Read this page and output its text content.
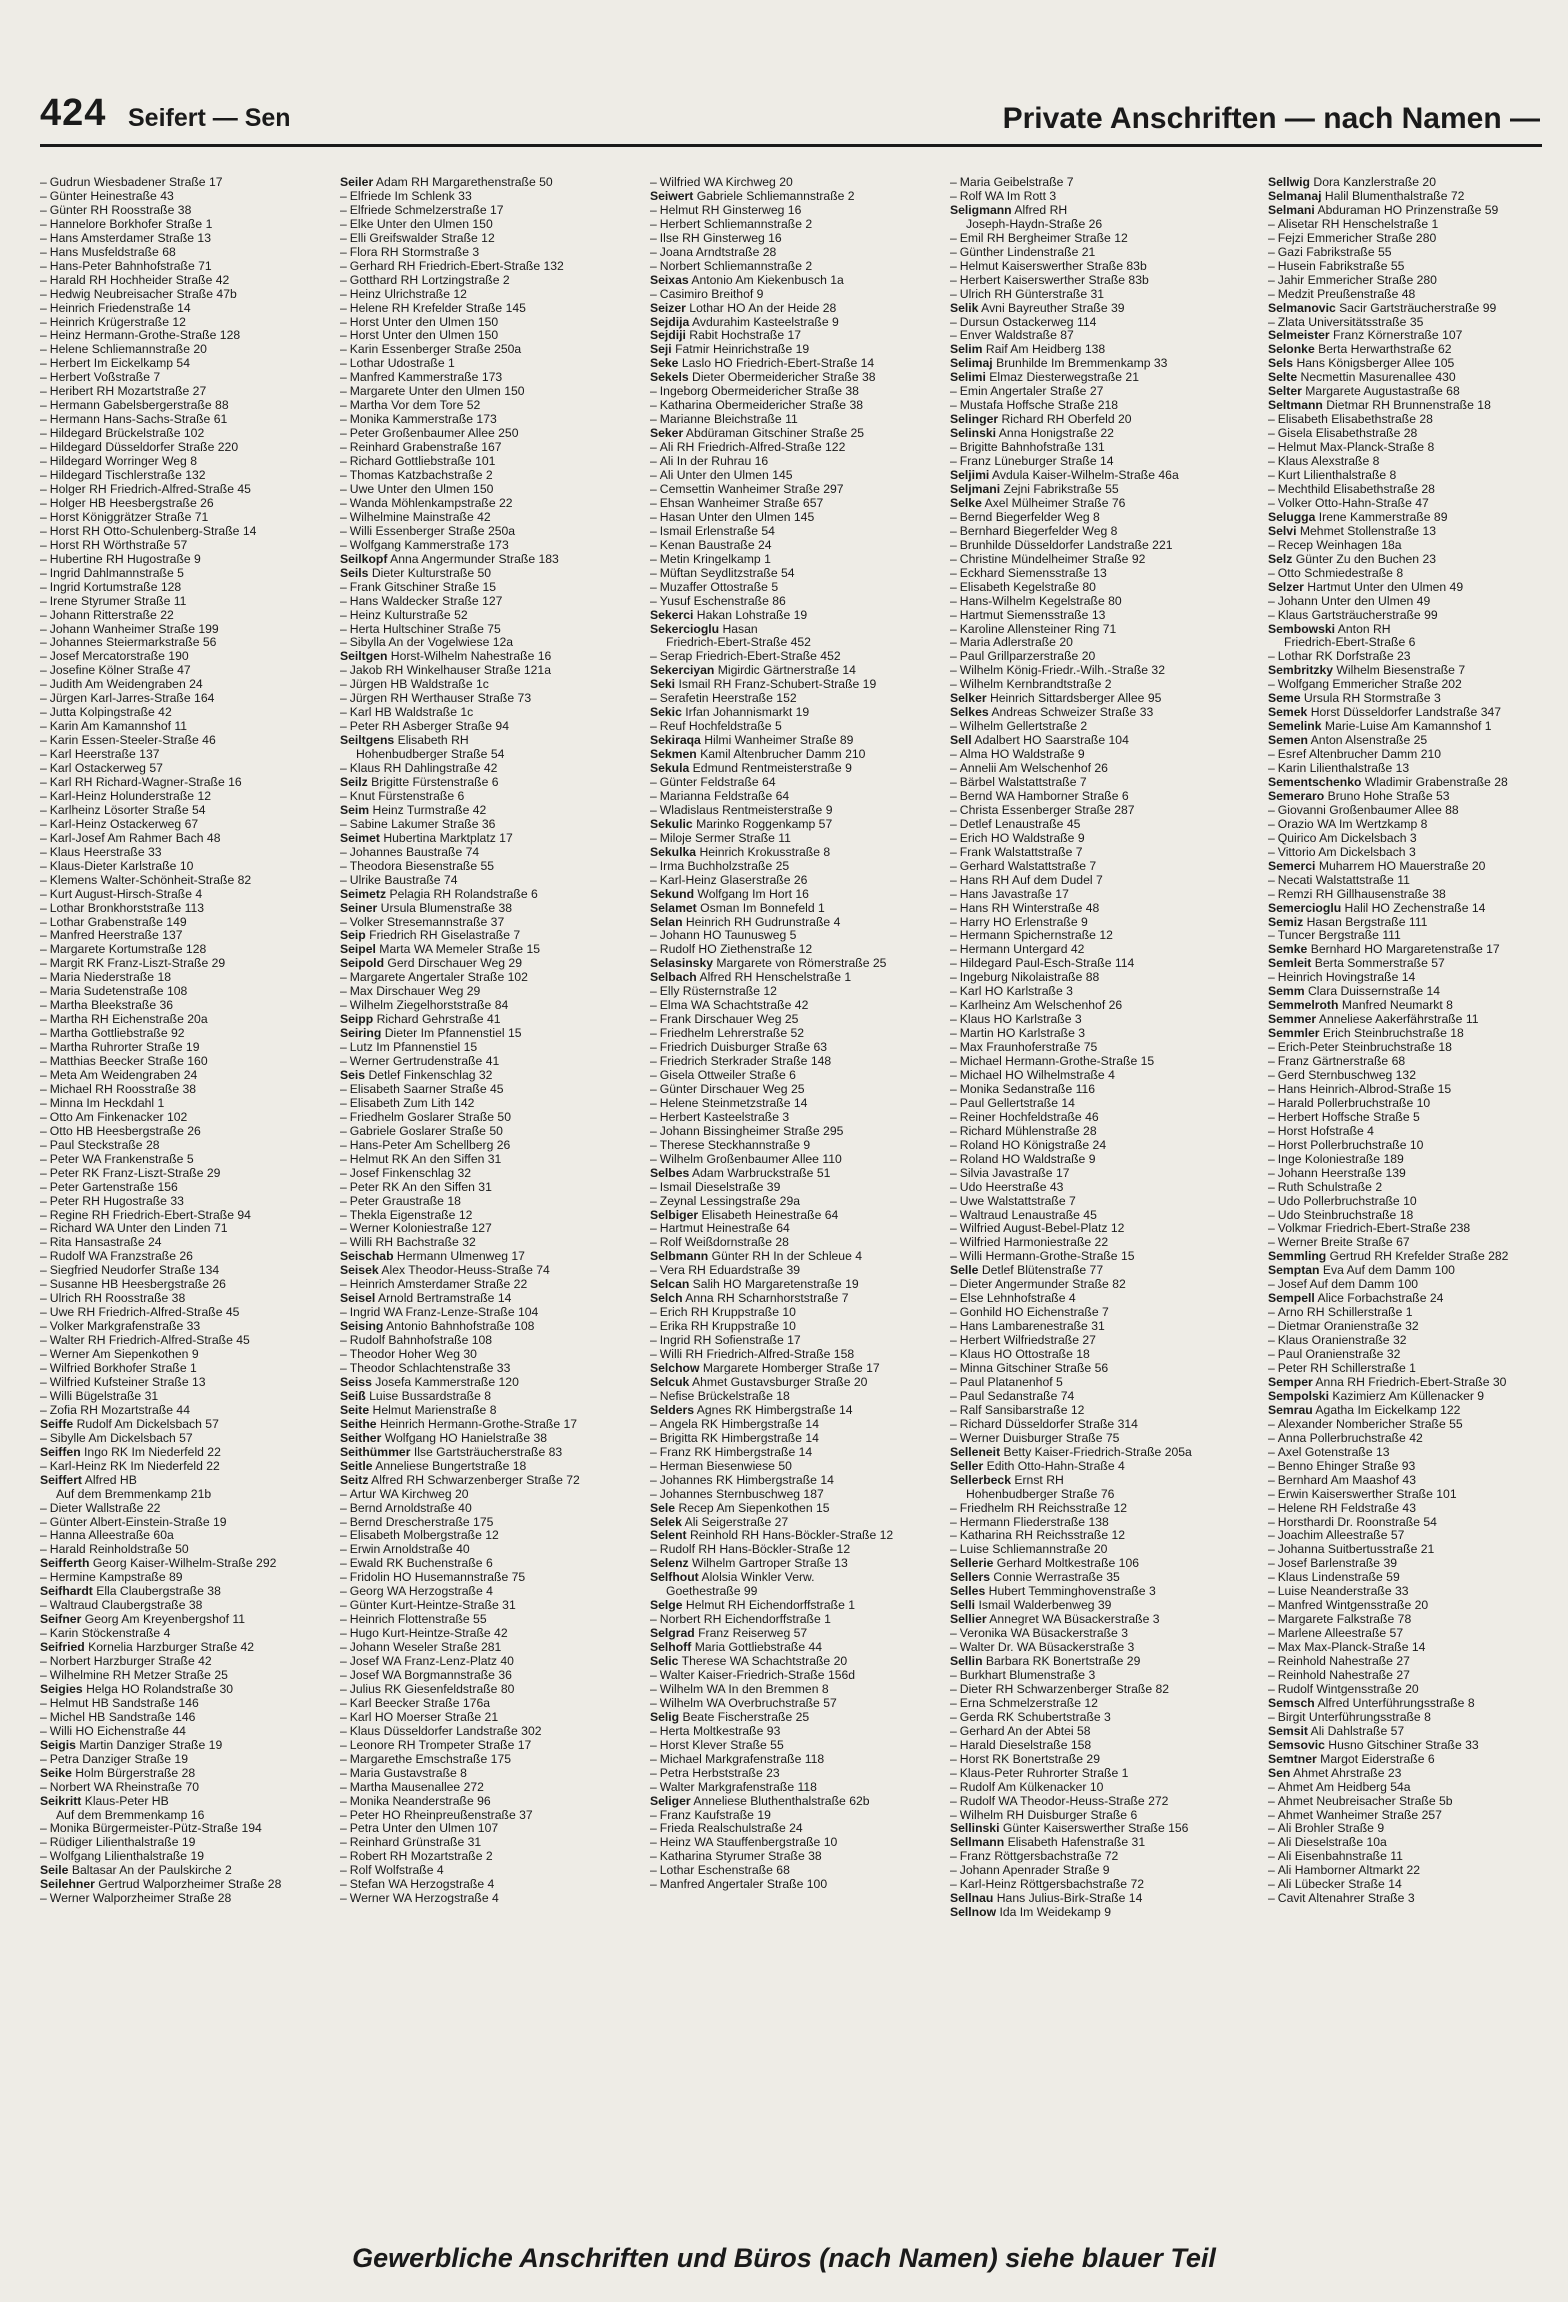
424 Seifert — Sen	Private Anschriften — nach Namen —
– Gudrun Wiesbadener Straße 17
– Günter Heinestraße 43
– Günter RH Roosstraße 38
– Hannelore Borkhofer Straße 1
– Hans Amsterdamer Straße 13
– Hans Musfeldstraße 68
– Hans-Peter Bahnhofstraße 71
– Harald RH Hochheider Straße 42
– Hedwig Neubreisacher Straße 47b
– Heinrich Friedenstraße 14
– Heinrich Krügerstraße 12
– Heinz Hermann-Grothe-Straße 128
– Helene Schliemannstraße 20
– Herbert Im Eickelkamp 54
– Herbert Voßstraße 7
– Heribert RH Mozartstraße 27
– Hermann Gabelsbergerstraße 88
– Hermann Hans-Sachs-Straße 61
– Hildegard Brückelstraße 102
– Hildegard Düsseldorfer Straße 220
– Hildegard Worringer Weg 8
– Hildegard Tischlerstraße 132
– Holger RH Friedrich-Alfred-Straße 45
– Holger HB Heesbergstraße 26
– Horst Königgrätzer Straße 71
– Horst RH Otto-Schulenberg-Straße 14
– Horst RH Wörthstraße 57
– Hubertine RH Hugostraße 9
– Ingrid Dahlmannstraße 5
– Ingrid Kortumstraße 128
– Irene Styrumer Straße 11
– Johann Ritterstraße 22
– Johann Wanheimer Straße 199
– Johannes Steiermarkstraße 56
– Josef Mercatorstraße 190
– Josefine Kölner Straße 47
– Judith Am Weidengraben 24
– Jürgen Karl-Jarres-Straße 164
– Jutta Kolpingstraße 42
– Karin Am Kamannshof 11
– Karin Essen-Steeler-Straße 46
– Karl Heerstraße 137
– Karl Ostackerweg 57
– Karl RH Richard-Wagner-Straße 16
– Karl-Heinz Holunderstraße 12
– Karlheinz Lösorter Straße 54
– Karl-Heinz Ostackerweg 67
– Karl-Josef Am Rahmer Bach 48
– Klaus Heerstraße 33
– Klaus-Dieter Karlstraße 10
– Klemens Walter-Schönheit-Straße 82
– Kurt August-Hirsch-Straße 4
– Lothar Bronkhorststraße 113
– Lothar Grabenstraße 149
– Manfred Heerstraße 137
– Margarete Kortumstraße 128
– Margit RK Franz-Liszt-Straße 29
– Maria Niederstraße 18
– Maria Sudetenstraße 108
– Martha Bleekstraße 36
– Martha RH Eichenstraße 20a
– Martha Gottliebstraße 92
– Martha Ruhrorter Straße 19
– Matthias Beecker Straße 160
– Meta Am Weidengraben 24
– Michael RH Roosstraße 38
– Minna Im Heckdahl 1
– Otto Am Finkenacker 102
– Otto HB Heesbergstraße 26
– Paul Steckstraße 28
– Peter WA Frankenstraße 5
– Peter RK Franz-Liszt-Straße 29
– Peter Gartenstraße 156
– Peter RH Hugostraße 33
– Regine RH Friedrich-Ebert-Straße 94
– Richard WA Unter den Linden 71
– Rita Hansastraße 24
– Rudolf WA Franzstraße 26
– Siegfried Neudorfer Straße 134
– Susanne HB Heesbergstraße 26
– Ulrich RH Roosstraße 38
– Uwe RH Friedrich-Alfred-Straße 45
– Volker Markgrafenstraße 33
– Walter RH Friedrich-Alfred-Straße 45
– Werner Am Siepenkothen 9
– Wilfried Borkhofer Straße 1
– Wilfried Kufsteiner Straße 13
– Willi Bügelstraße 31
– Zofia RH Mozartstraße 44
Seiffe Rudolf Am Dickelsbach 57
– Sibylle Am Dickelsbach 57
Seiffen Ingo RK Im Niederfeld 22
– Karl-Heinz RK Im Niederfeld 22
Seiffert Alfred HB
Auf dem Bremmenkamp 21b
– Dieter Wallstraße 22
– Günter Albert-Einstein-Straße 19
– Hanna Alleestraße 60a
– Harald Reinholdstraße 50
Seifferth Georg Kaiser-Wilhelm-Straße 292
– Hermine Kampstraße 89
Seifhardt Ella Claubergstraße 38
– Waltraud Claubergstraße 38
Seifner Georg Am Kreyenbergshof 11
– Karin Stöckenstraße 4
Seifried Kornelia Harzburger Straße 42
– Norbert Harzburger Straße 42
– Wilhelmine RH Metzer Straße 25
Seigies Helga HO Rolandstraße 30
– Helmut HB Sandstraße 146
– Michel HB Sandstraße 146
– Willi HO Eichenstraße 44
Seigis Martin Danziger Straße 19
– Petra Danziger Straße 19
Seike Holm Bürgerstraße 28
– Norbert WA Rheinstraße 70
Seikritt Klaus-Peter HB
Auf dem Bremmenkamp 16
– Monika Bürgermeister-Pütz-Straße 194
– Rüdiger Lilienthalstraße 19
– Wolfgang Lilienthalstraße 19
Seile Baltasar An der Paulskirche 2
Seilehner Gertrud Walporzheimer Straße 28
– Werner Walporzheimer Straße 28
Seiler Adam RH Margarethenstraße 50
– Elfriede Im Schlenk 33
– Elfriede Schmelzerstraße 17
– Elke Unter den Ulmen 150
– Elli Greifswalder Straße 12
– Flora RH Stormstraße 3
– Gerhard RH Friedrich-Ebert-Straße 132
– Gotthard RH Lortzingstraße 2
– Heinz Ulrichstraße 12
– Helene RH Krefelder Straße 145
– Horst Unter den Ulmen 150
– Horst Unter den Ulmen 150
– Karin Essenberger Straße 250a
– Lothar Udostraße 1
– Manfred Kammerstraße 173
– Margarete Unter den Ulmen 150
– Martha Vor dem Tore 52
– Monika Kammerstraße 173
– Peter Großenbaumer Allee 250
– Reinhard Grabenstraße 167
– Richard Gottliebstraße 101
– Thomas Katzbachstraße 2
– Uwe Unter den Ulmen 150
– Wanda Möhlenkampstraße 22
– Wilhelmine Mainstraße 42
– Willi Essenberger Straße 250a
– Wolfgang Kammerstraße 173
Seilkopf Anna Angermunder Straße 183
Seils Dieter Kulturstraße 50
– Frank Gitschiner Straße 15
– Hans Waldecker Straße 127
– Heinz Kulturstraße 52
– Herta Hultschiner Straße 75
– Sibylla An der Vogelwiese 12a
Seiltgen Horst-Wilhelm Nahestraße 16
– Jakob RH Winkelhauser Straße 121a
– Jürgen HB Waldstraße 1c
– Jürgen RH Werthauser Straße 73
– Karl HB Waldstraße 1c
– Peter RH Asberger Straße 94
Seiltgens Elisabeth RH
Hohenbudberger Straße 54
– Klaus RH Dahlingstraße 42
Seilz Brigitte Fürstenstraße 6
– Knut Fürstenstraße 6
Seim Heinz Turmstraße 42
– Sabine Lakumer Straße 36
Seimet Hubertina Marktplatz 17
– Johannes Baustraße 74
– Theodora Biesenstraße 55
– Ulrike Baustraße 74
Seimetz Pelagia RH Rolandstraße 6
Seiner Ursula Blumenstraße 38
– Volker Stresemannstraße 37
Seip Friedrich RH Giselastraße 7
Seipel Marta WA Memeler Straße 15
Seipold Gerd Dirschauer Weg 29
– Margarete Angertaler Straße 102
– Max Dirschauer Weg 29
– Wilhelm Ziegelhorststraße 84
Seipp Richard Gehrstraße 41
Seiring Dieter Im Pfannenstiel 15
– Lutz Im Pfannenstiel 15
– Werner Gertrudenstraße 41
Seis Detlef Finkenschlag 32
– Elisabeth Saarner Straße 45
– Elisabeth Zum Lith 142
– Friedhelm Goslarer Straße 50
– Gabriele Goslarer Straße 50
– Hans-Peter Am Schellberg 26
– Helmut RK An den Siffen 31
– Josef Finkenschlag 32
– Peter RK An den Siffen 31
– Peter Graustraße 18
– Thekla Eigenstraße 12
– Werner Koloniestraße 127
– Willi RH Bachstraße 32
Seischab Hermann Ulmenweg 17
Seisek Alex Theodor-Heuss-Straße 74
– Heinrich Amsterdamer Straße 22
Seisel Arnold Bertramstraße 14
– Ingrid WA Franz-Lenze-Straße 104
Seising Antonio Bahnhofstraße 108
– Rudolf Bahnhofstraße 108
– Theodor Hoher Weg 30
– Theodor Schlachtenstraße 33
Seiss Josefa Kammerstraße 120
Seiß Luise Bussardstraße 8
Seite Helmut Marienstraße 8
Seithe Heinrich Hermann-Grothe-Straße 17
Seither Wolfgang HO Hanielstraße 38
Seithümmer Ilse Gartsträucherstraße 83
Seitle Anneliese Bungertstraße 18
Seitz Alfred RH Schwarzenberger Straße 72
– Artur WA Kirchweg 20
– Bernd Arnoldstraße 40
– Bernd Drescherstraße 175
– Elisabeth Molbergstraße 12
– Erwin Arnoldstraße 40
– Ewald RK Buchenstraße 6
– Fridolin HO Husemannstraße 75
– Georg WA Herzogstraße 4
– Günter Kurt-Heintze-Straße 31
– Heinrich Flottenstraße 55
– Hugo Kurt-Heintze-Straße 42
– Johann Weseler Straße 281
– Josef WA Franz-Lenz-Platz 40
– Josef WA Borgmannstraße 36
– Julius RK Giesenfeldstraße 80
– Karl Beecker Straße 176a
– Karl HO Moerser Straße 21
– Klaus Düsseldorfer Landstraße 302
– Leonore RH Trompeter Straße 17
– Margarethe Emschstraße 175
– Maria Gustavstraße 8
– Martha Mausenallee 272
– Monika Neanderstraße 96
– Peter HO Rheinpreußenstraße 37
– Petra Unter den Ulmen 107
– Reinhard Grünstraße 31
– Robert RH Mozartstraße 2
– Rolf Wolfstraße 4
– Stefan WA Herzogstraße 4
– Werner WA Herzogstraße 4
– Wilfried WA Kirchweg 20
Seiwert Gabriele Schliemannstraße 2
– Helmut RH Ginsterweg 16
– Herbert Schliemannstraße 2
– Ilse RH Ginsterweg 16
– Joana Arndtstraße 28
– Norbert Schliemannstraße 2
Seixas Antonio Am Kiekenbusch 1a
– Casimiro Breithof 9
Seizer Lothar HO An der Heide 28
Sejdija Avdurahim Kasteelstraße 9
Sejdiji Rabit Hochstraße 17
Seji Fatmir Heinrichstraße 19
Seke Laslo HO Friedrich-Ebert-Straße 14
Sekels Dieter Obermeidericher Straße 38
– Ingeborg Obermeidericher Straße 38
– Katharina Obermeidericher Straße 38
– Marianne Bleichstraße 11
Seker Abdüraman Gitschiner Straße 25
– Ali RH Friedrich-Alfred-Straße 122
– Ali In der Ruhrau 16
– Ali Unter den Ulmen 145
– Cemsettin Wanheimer Straße 297
– Ehsan Wanheimer Straße 657
– Hasan Unter den Ulmen 145
– Ismail Erlenstraße 54
– Kenan Baustraße 24
– Metin Kringelkamp 1
– Müftan Seydlitzstraße 54
– Muzaffer Ottostraße 5
– Yusuf Eschenstraße 86
Sekerci Hakan Lohstraße 19
Sekercioglu Hasan
Friedrich-Ebert-Straße 452
– Serap Friedrich-Ebert-Straße 452
Sekerciyan Migirdic Gärtnerstraße 14
Seki Ismail RH Franz-Schubert-Straße 19
– Serafetin Heerstraße 152
Sekic Irfan Johannismarkt 19
– Reuf Hochfeldstraße 5
Sekiraqa Hilmi Wanheimer Straße 89
Sekmen Kamil Altenbrucher Damm 210
Sekula Edmund Rentmeisterstraße 9
– Günter Feldstraße 64
– Marianna Feldstraße 64
– Wladislaus Rentmeisterstraße 9
Sekulic Marinko Roggenkamp 57
– Miloje Sermer Straße 11
Sekulka Heinrich Krokusstraße 8
– Irma Buchholzstraße 25
– Karl-Heinz Glaserstraße 26
Sekund Wolfgang Im Hort 16
Selamet Osman Im Bonnefeld 1
Selan Heinrich RH Gudrunstraße 4
– Johann HO Taunusweg 5
– Rudolf HO Ziethenstraße 12
Selasinsky Margarete von Römerstraße 25
Selbach Alfred RH Henschelstraße 1
– Elly Rüsternstraße 12
– Elma WA Schachtstraße 42
– Frank Dirschauer Weg 25
– Friedhelm Lehrerstraße 52
– Friedrich Duisburger Straße 63
– Friedrich Sterkrader Straße 148
– Gisela Ottweiler Straße 6
– Günter Dirschauer Weg 25
– Helene Steinmetzstraße 14
– Herbert Kasteelstraße 3
– Johann Bissingheimer Straße 295
– Therese Steckhannstraße 9
– Wilhelm Großenbaumer Allee 110
Selbes Adam Warbruckstraße 51
– Ismail Dieselstraße 39
– Zeynal Lessingstraße 29a
Selbiger Elisabeth Heinestraße 64
– Hartmut Heinestraße 64
– Rolf Weißdornstraße 28
Selbmann Günter RH In der Schleue 4
– Vera RH Eduardstraße 39
Selcan Salih HO Margaretenstraße 19
Selch Anna RH Scharnhorststraße 7
– Erich RH Kruppstraße 10
– Erika RH Kruppstraße 10
– Ingrid RH Sofienstraße 17
– Willi RH Friedrich-Alfred-Straße 158
Selchow Margarete Homberger Straße 17
Selcuk Ahmet Gustavsburger Straße 20
– Nefise Brückelstraße 18
Selders Agnes RK Himbergstraße 14
– Angela RK Himbergstraße 14
– Brigitta RK Himbergstraße 14
– Franz RK Himbergstraße 14
– Herman Biesenwiese 50
– Johannes RK Himbergstraße 14
– Johannes Sternbuschweg 187
Sele Recep Am Siepenkothen 15
Selek Ali Seigerstraße 27
Selent Reinhold RH Hans-Böckler-Straße 12
– Rudolf RH Hans-Böckler-Straße 12
Selenz Wilhelm Gartroper Straße 13
Selfhout Alolsia Winkler Verw.
Goethestraße 99
Selge Helmut RH Eichendorffstraße 1
– Norbert RH Eichendorffstraße 1
Selgrad Franz Reiserweg 57
Selhoff Maria Gottliebstraße 44
Selic Therese WA Schachtstraße 20
– Walter Kaiser-Friedrich-Straße 156d
– Wilhelm WA In den Bremmen 8
– Wilhelm WA Overbruchstraße 57
Selig Beate Fischerstraße 25
– Herta Moltkestraße 93
– Horst Klever Straße 55
– Michael Markgrafenstraße 118
– Petra Herbststraße 23
– Walter Markgrafenstraße 118
Seliger Anneliese Bluthenthalstraße 62b
– Franz Kaufstraße 19
– Frieda Realschulstraße 24
– Heinz WA Stauffenbergstraße 10
– Katharina Styrumer Straße 38
– Lothar Eschenstraße 68
– Manfred Angertaler Straße 100
– Maria Geibelstraße 7
– Rolf WA Im Rott 3
Seligmann Alfred RH
Joseph-Haydn-Straße 26
– Emil RH Bergheimer Straße 12
– Günther Lindenstraße 21
– Helmut Kaiserswerther Straße 83b
– Herbert Kaiserswerther Straße 83b
– Ulrich RH Günterstraße 31
Selik Avni Bayreuther Straße 39
– Dursun Ostackerweg 114
– Enver Waldstraße 87
Selim Raif Am Heidberg 138
Selimaj Brunhilde Im Bremmenkamp 33
Selimi Elmaz Diesterwegstraße 21
– Emin Angertaler Straße 27
– Mustafa Hoffsche Straße 218
Selinger Richard RH Oberfeld 20
Selinski Anna Honigstraße 22
– Brigitte Bahnhofstraße 131
– Franz Lüneburger Straße 14
Seljimi Avdula Kaiser-Wilhelm-Straße 46a
Seljmani Zejni Fabrikstraße 55
Selke Axel Mülheimer Straße 76
– Bernd Biegerfelder Weg 8
– Bernhard Biegerfelder Weg 8
– Brunhilde Düsseldorfer Landstraße 221
– Christine Mündelheimer Straße 92
– Eckhard Siemensstraße 13
– Elisabeth Kegelstraße 80
– Hans-Wilhelm Kegelstraße 80
– Hartmut Siemensstraße 13
– Karoline Allensteiner Ring 71
– Maria Adlerstraße 20
– Paul Grillparzerstraße 20
– Wilhelm König-Friedr.-Wilh.-Straße 32
– Wilhelm Kernbrandtstraße 2
Selker Heinrich Sittardsberger Allee 95
Selkes Andreas Schweizer Straße 33
– Wilhelm Gellertstraße 2
Sell Adalbert HO Saarstraße 104
– Alma HO Waldstraße 9
– Annelii Am Welschenhof 26
– Bärbel Walstattstraße 7
– Bernd WA Hamborner Straße 6
– Christa Essenberger Straße 287
– Detlef Lenaustraße 45
– Erich HO Waldstraße 9
– Frank Walstattstraße 7
– Gerhard Walstattstraße 7
– Hans RH Auf dem Dudel 7
– Hans Javastraße 17
– Hans RH Winterstraße 48
– Harry HO Erlenstraße 9
– Hermann Spichernstraße 12
– Hermann Untergard 42
– Hildegard Paul-Esch-Straße 114
– Ingeburg Nikolaistraße 88
– Karl HO Karlstraße 3
– Karlheinz Am Welschenhof 26
– Klaus HO Karlstraße 3
– Martin HO Karlstraße 3
– Max Fraunhoferstraße 75
– Michael Hermann-Grothe-Straße 15
– Michael HO Wilhelmstraße 4
– Monika Sedanstraße 116
– Paul Gellertstraße 14
– Reiner Hochfeldstraße 46
– Richard Mühlenstraße 28
– Roland HO Königstraße 24
– Roland HO Waldstraße 9
– Silvia Javastraße 17
– Udo Heerstraße 43
– Uwe Walstattstraße 7
– Waltraud Lenaustraße 45
– Wilfried August-Bebel-Platz 12
– Wilfried Harmoniestraße 22
– Willi Hermann-Grothe-Straße 15
Selle Detlef Blütenstraße 77
– Dieter Angermunder Straße 82
– Else Lehnhofstraße 4
– Gonhild HO Eichenstraße 7
– Hans Lambarenestraße 31
– Herbert Wilfriedstraße 27
– Klaus HO Ottostraße 18
– Minna Gitschiner Straße 56
– Paul Platanenhof 5
– Paul Sedanstraße 74
– Ralf Sansibarstraße 12
– Richard Düsseldorfer Straße 314
– Werner Duisburger Straße 75
Selleneit Betty Kaiser-Friedrich-Straße 205a
Seller Edith Otto-Hahn-Straße 4
Sellerbeck Ernst RH
Hohenbudberger Straße 76
– Friedhelm RH Reichsstraße 12
– Hermann Fliederstraße 138
– Katharina RH Reichsstraße 12
– Luise Schliemannstraße 20
Sellerie Gerhard Moltkestraße 106
Sellers Connie Werrastraße 35
Selles Hubert Temminghovenstraße 3
Selli Ismail Walderbenweg 39
Sellier Annegret WA Büsackerstraße 3
– Veronika WA Büsackerstraße 3
– Walter Dr. WA Büsackerstraße 3
Sellin Barbara RK Bonertstraße 29
– Burkhart Blumenstraße 3
– Dieter RH Schwarzenberger Straße 82
– Erna Schmelzerstraße 12
– Gerda RK Schubertstraße 3
– Gerhard An der Abtei 58
– Harald Dieselstraße 158
– Horst RK Bonertstraße 29
– Klaus-Peter Ruhrorter Straße 1
– Rudolf Am Külkenacker 10
– Rudolf WA Theodor-Heuss-Straße 272
– Wilhelm RH Duisburger Straße 6
Sellinski Günter Kaiserswerther Straße 156
Sellmann Elisabeth Hafenstraße 31
– Franz Röttgersbachstraße 72
– Johann Apenrader Straße 9
– Karl-Heinz Röttgersbachstraße 72
Sellnau Hans Julius-Birk-Straße 14
Sellnow Ida Im Weidekamp 9
Sellwig Dora Kanzlerstraße 20
Selmanaj Halil Blumenthalstraße 72
Selmani Abduraman HO Prinzenstraße 59
– Alisetar RH Henschelstraße 1
– Fejzi Emmericher Straße 280
– Gazi Fabrikstraße 55
– Husein Fabrikstraße 55
– Jahir Emmericher Straße 280
– Medzit Preußenstraße 48
Selmanovic Sacir Gartsträucherstraße 99
– Zlata Universitätsstraße 35
Selmeister Franz Körnerstraße 107
Selonke Berta Herwarthstraße 62
Sels Hans Königsberger Allee 105
Selte Necmettin Masurenallee 430
Selter Margarete Augustastraße 68
Seltmann Dietmar RH Brunnenstraße 18
– Elisabeth Elisabethstraße 28
– Gisela Elisabethstraße 28
– Helmut Max-Planck-Straße 8
– Klaus Alexstraße 8
– Kurt Lilienthalstraße 8
– Mechthild Elisabethstraße 28
– Volker Otto-Hahn-Straße 47
Selugga Irene Kammerstraße 89
Selvi Mehmet Stollenstraße 13
– Recep Weinhagen 18a
Selz Günter Zu den Buchen 23
– Otto Schmiedestraße 8
Selzer Hartmut Unter den Ulmen 49
– Johann Unter den Ulmen 49
– Klaus Gartsträucherstraße 99
Sembowski Anton RH
Friedrich-Ebert-Straße 6
– Lothar RK Dorfstraße 23
Sembritzky Wilhelm Biesenstraße 7
– Wolfgang Emmericher Straße 202
Seme Ursula RH Stormstraße 3
Semek Horst Düsseldorfer Landstraße 347
Semelink Marie-Luise Am Kamannshof 1
Semen Anton Alsenstraße 25
– Esref Altenbrucher Damm 210
– Karin Lilienthalstraße 13
Sementschenko Wladimir Grabenstraße 28
Semeraro Bruno Hohe Straße 53
– Giovanni Großenbaumer Allee 88
– Orazio WA Im Wertzkamp 8
– Quirico Am Dickelsbach 3
– Vittorio Am Dickelsbach 3
Semerci Muharrem HO Mauerstraße 20
– Necati Walstattstraße 11
– Remzi RH Gillhausenstraße 38
Semercioglu Halil HO Zechenstraße 14
Semiz Hasan Bergstraße 111
– Tuncer Bergstraße 111
Semke Bernhard HO Margaretenstraße 17
Semleit Berta Sommerstraße 57
– Heinrich Hovingstraße 14
Semm Clara Duissernstraße 14
Semmelroth Manfred Neumarkt 8
Semmer Anneliese Aakerfährstraße 11
Semmler Erich Steinbruchstraße 18
– Erich-Peter Steinbruchstraße 18
– Franz Gärtnerstraße 68
– Gerd Sternbuschweg 132
– Hans Heinrich-Albrod-Straße 15
– Harald Pollerbruchstraße 10
– Herbert Hoffsche Straße 5
– Horst Hofstraße 4
– Horst Pollerbruchstraße 10
– Inge Koloniestraße 189
– Johann Heerstraße 139
– Ruth Schulstraße 2
– Udo Pollerbruchstraße 10
– Udo Steinbruchstraße 18
– Volkmar Friedrich-Ebert-Straße 238
– Werner Breite Straße 67
Semmling Gertrud RH Krefelder Straße 282
Semptan Eva Auf dem Damm 100
– Josef Auf dem Damm 100
Sempell Alice Forbachstraße 24
– Arno RH Schillerstraße 1
– Dietmar Oranienstraße 32
– Klaus Oranienstraße 32
– Paul Oranienstraße 32
– Peter RH Schillerstraße 1
Semper Anna RH Friedrich-Ebert-Straße 30
Sempolski Kazimierz Am Küllenacker 9
Semrau Agatha Im Eickelkamp 122
– Alexander Nombericher Straße 55
– Anna Pollerbruchstraße 42
– Axel Gotenstraße 13
– Benno Ehinger Straße 93
– Bernhard Am Maashof 43
– Erwin Kaiserswerther Straße 101
– Helene RH Feldstraße 43
– Horsthardi Dr. Roonstraße 54
– Joachim Alleestraße 57
– Johanna Suitbertusstraße 21
– Josef Barlenstraße 39
– Klaus Lindenstraße 59
– Luise Neanderstraße 33
– Manfred Wintgensstraße 20
– Margarete Falkstraße 78
– Marlene Alleestraße 57
– Max Max-Planck-Straße 14
– Reinhold Nahestraße 27
– Reinhold Nahestraße 27
– Rudolf Wintgensstraße 20
Semsch Alfred Unterführungsstraße 8
– Birgit Unterführungsstraße 8
Semsit Ali Dahlstraße 57
Semsovic Husno Gitschiner Straße 33
Semtner Margot Eiderstraße 6
Sen Ahmet Ahrstraße 23
– Ahmet Am Heidberg 54a
– Ahmet Neubreisacher Straße 5b
– Ahmet Wanheimer Straße 257
– Ali Brohler Straße 9
– Ali Dieselstraße 10a
– Ali Eisenbahnstraße 11
– Ali Hamborner Altmarkt 22
– Ali Lübecker Straße 14
– Cavit Altenahrer Straße 3
Gewerbliche Anschriften und Büros (nach Namen) siehe blauer Teil
